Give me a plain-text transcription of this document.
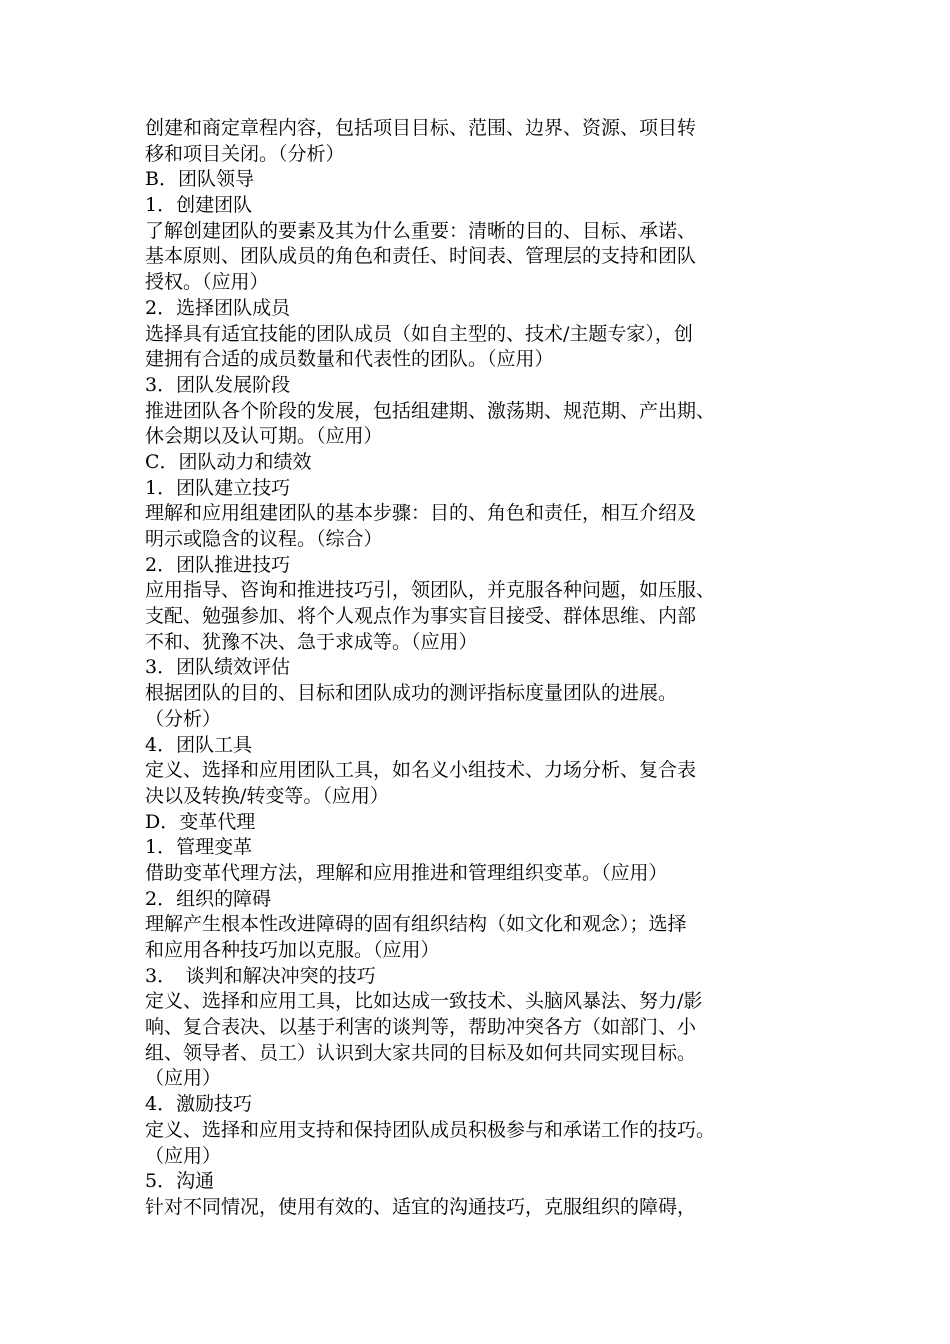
创建和商定章程内容，包括项目目标、范围、边界、资源、项目转
移和项目关闭。（分析）
B．团队领导
1．创建团队
了解创建团队的要素及其为什么重要：清晰的目的、目标、承诺、
基本原则、团队成员的角色和责任、时间表、管理层的支持和团队
授权。（应用）
2．选择团队成员
选择具有适宜技能的团队成员（如自主型的、技术/主题专家），创
建拥有合适的成员数量和代表性的团队。（应用）
3．团队发展阶段
推进团队各个阶段的发展，包括组建期、激荡期、规范期、产出期、
休会期以及认可期。（应用）
C．团队动力和绩效
1．团队建立技巧
理解和应用组建团队的基本步骤：目的、角色和责任，相互介绍及
明示或隐含的议程。（综合）
2．团队推进技巧
应用指导、咨询和推进技巧引，领团队，并克服各种问题，如压服、
支配、勉强参加、将个人观点作为事实盲目接受、群体思维、内部
不和、犹豫不决、急于求成等。（应用）
3．团队绩效评估
根据团队的目的、目标和团队成功的测评指标度量团队的进展。
（分析）
4．团队工具
定义、选择和应用团队工具，如名义小组技术、力场分析、复合表
决以及转换/转变等。（应用）
D．变革代理
1．管理变革
借助变革代理方法，理解和应用推进和管理组织变革。（应用）
2．组织的障碍
理解产生根本性改进障碍的固有组织结构（如文化和观念）；选择
和应用各种技巧加以克服。（应用）
3．　谈判和解决冲突的技巧
定义、选择和应用工具，比如达成一致技术、头脑风暴法、努力/影
响、复合表决、以基于利害的谈判等，帮助冲突各方（如部门、小
组、领导者、员工）认识到大家共同的目标及如何共同实现目标。
（应用）
4．激励技巧
定义、选择和应用支持和保持团队成员积极参与和承诺工作的技巧。
（应用）
5．沟通
针对不同情况，使用有效的、适宜的沟通技巧，克服组织的障碍，
